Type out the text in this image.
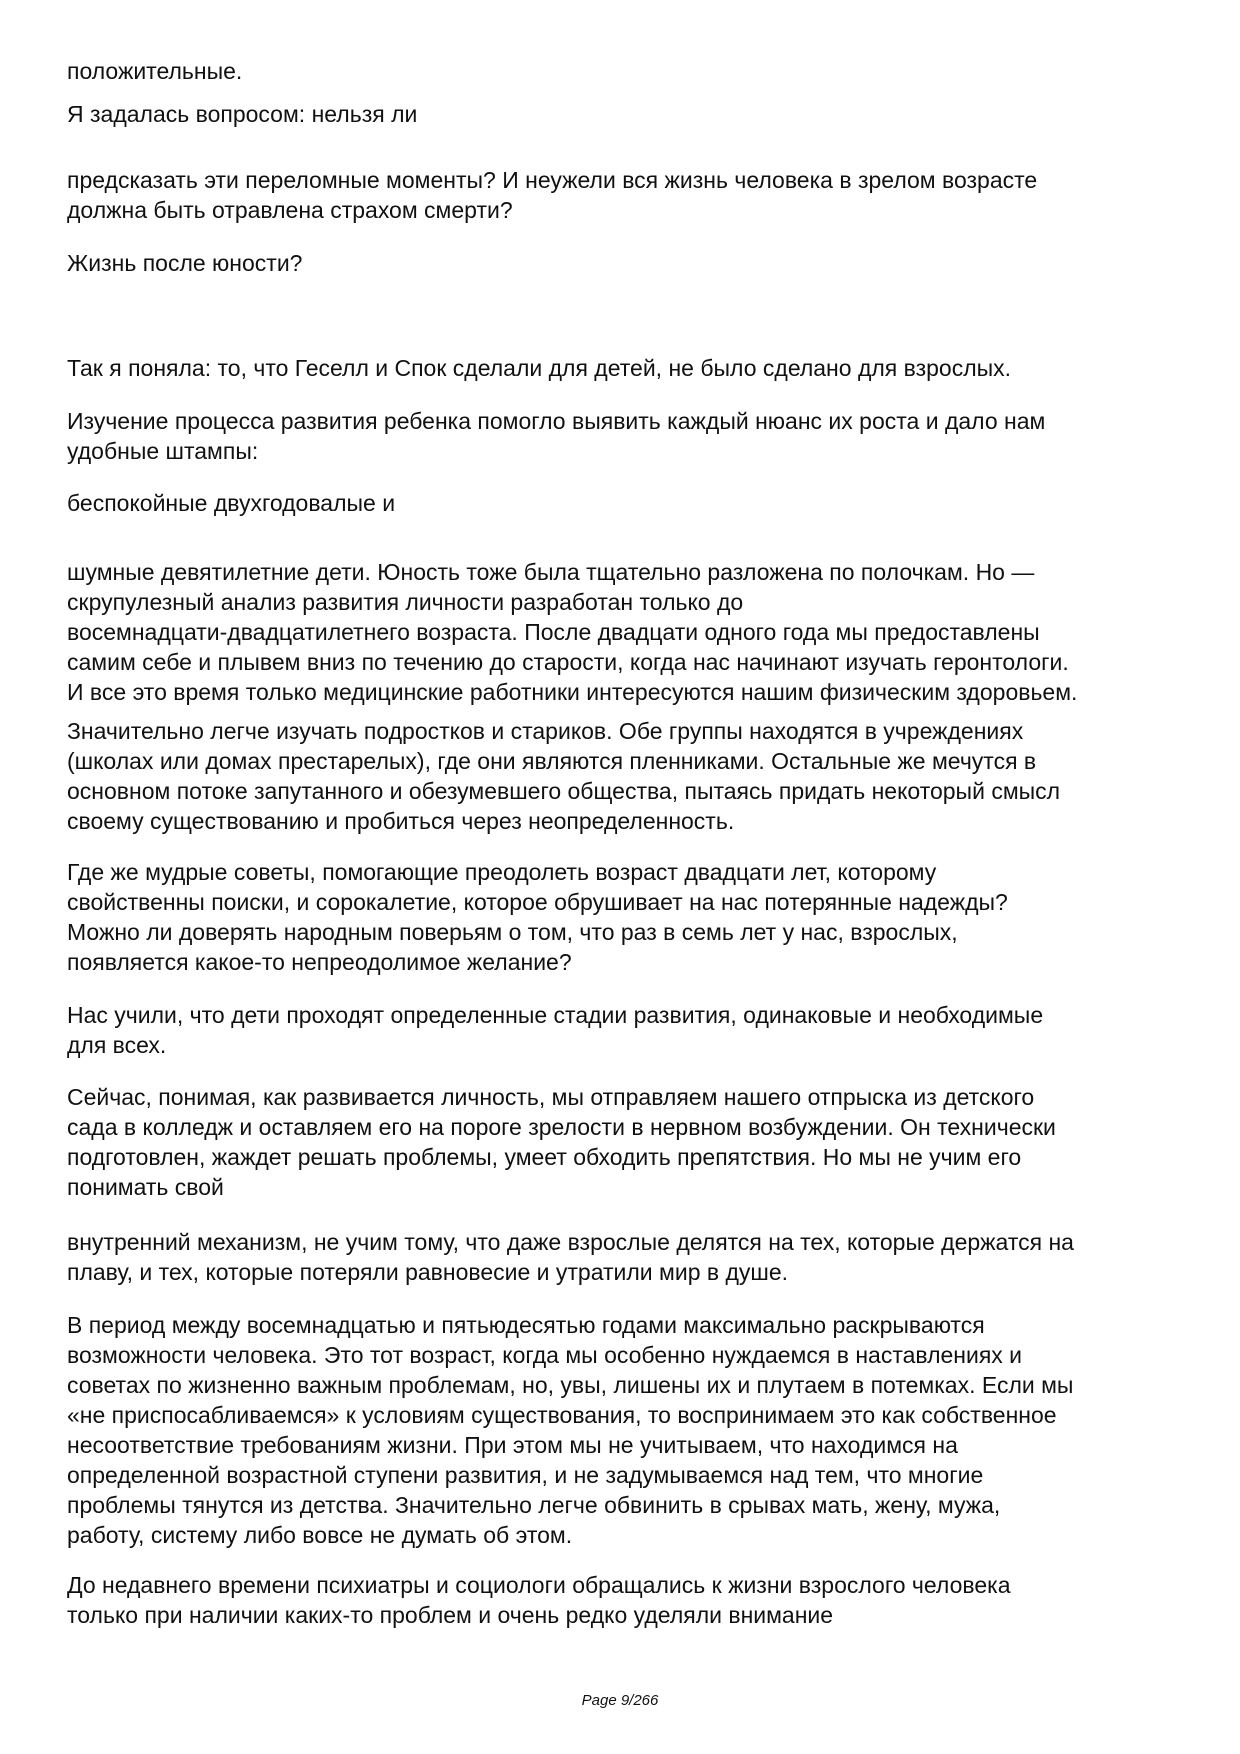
положительные.

Я задалась вопросом: нельзя ли

предсказать эти переломные моменты? И неужели вся жизнь человека в зрелом возрасте
должна быть отравлена страхом смерти?

Жизнь после юности?

Так я поняла: то, что Геселл и Спок сделали для детей, не было сделано для взрослых.

Изучение процесса развития ребенка помогло выявить каждый нюанс их роста и дало нам
удобные штампы:

беспокойные двухгодовалые и

шумные девятилетние дети. Юность тоже была тщательно разложена по полочкам. Но —
скрупулезный анализ развития личности разработан только до
восемнадцати-двадцатилетнего возраста. После двадцати одного года мы предоставлены
самим себе и плывем вниз по течению до старости, когда нас начинают изучать геронтологи.
И все это время только медицинские работники интересуются нашим физическим здоровьем.

Значительно легче изучать подростков и стариков. Обе группы находятся в учреждениях
(школах или домах престарелых), где они являются пленниками. Остальные же мечутся в
основном потоке запутанного и обезумевшего общества, пытаясь придать некоторый смысл
своему существованию и пробиться через неопределенность.

Где же мудрые советы, помогающие преодолеть возраст двадцати лет, которому
свойственны поиски, и сорокалетие, которое обрушивает на нас потерянные надежды?
Можно ли доверять народным поверьям о том, что раз в семь лет у нас, взрослых,
появляется какое-то непреодолимое желание?

Нас учили, что дети проходят определенные стадии развития, одинаковые и необходимые
для всех.

Сейчас, понимая, как развивается личность, мы отправляем нашего отпрыска из детского
сада в колледж и оставляем его на пороге зрелости в нервном возбуждении. Он технически
подготовлен, жаждет решать проблемы, умеет обходить препятствия. Но мы не учим его
понимать свой

внутренний механизм, не учим тому, что даже взрослые делятся на тех, которые держатся на
плаву, и тех, которые потеряли равновесие и утратили мир в душе.

В период между восемнадцатью и пятьюдесятью годами максимально раскрываются
возможности человека. Это тот возраст, когда мы особенно нуждаемся в наставлениях и
советах по жизненно важным проблемам, но, увы, лишены их и плутаем в потемках. Если мы
«не приспосабливаемся» к условиям существования, то воспринимаем это как собственное
несоответствие требованиям жизни. При этом мы не учитываем, что находимся на
определенной возрастной ступени развития, и не задумываемся над тем, что многие
проблемы тянутся из детства. Значительно легче обвинить в срывах мать, жену, мужа,
работу, систему либо вовсе не думать об этом.

До недавнего времени психиатры и социологи обращались к жизни взрослого человека
только при наличии каких-то проблем и очень редко уделяли внимание

Page 9/266
